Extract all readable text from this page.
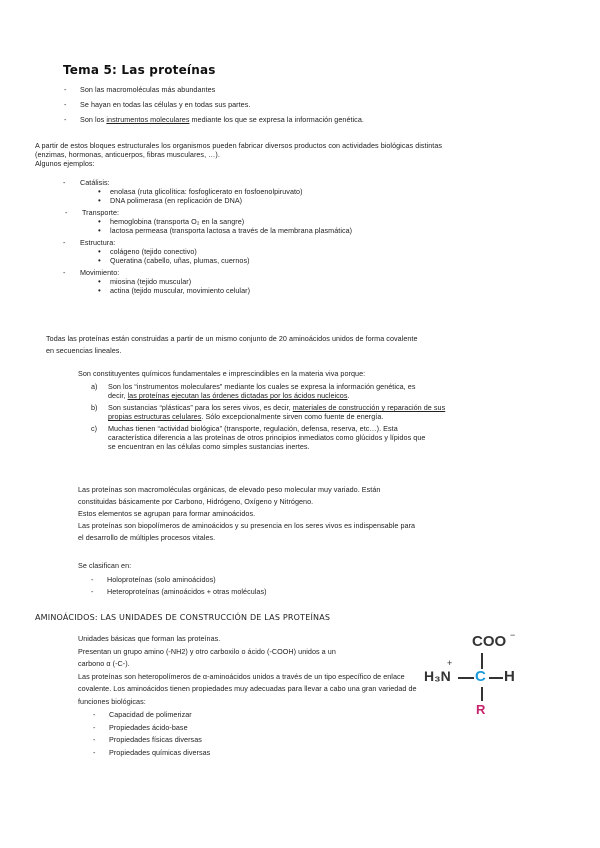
Tema 5: Las proteínas
- Son las macromoléculas más abundantes
- Se hayan en todas las células y en todas sus partes.
- Son los instrumentos moleculares mediante los que se expresa la información genética.
A partir de estos bloques estructurales los organismos pueden fabricar diversos productos con actividades biológicas distintas
(enzimas, hormonas, anticuerpos, fibras musculares, …).
Algunos ejemplos:
- Catálisis:
• enolasa (ruta glicolítica: fosfoglicerato en fosfoenolpiruvato)
• DNA polimerasa (en replicación de DNA)
- Transporte:
• hemoglobina (transporta O₂ en la sangre)
• lactosa permeasa (transporta lactosa a través de la membrana plasmática)
- Estructura:
• colágeno (tejido conectivo)
• Queratina (cabello, uñas, plumas, cuernos)
- Movimiento:
• miosina (tejido muscular)
• actina (tejido muscular, movimiento celular)
Todas las proteínas están construidas a partir de un mismo conjunto de 20 aminoácidos unidos de forma covalente
en secuencias lineales.
Son constituyentes químicos fundamentales e imprescindibles en la materia viva porque:
a) Son los “instrumentos moleculares” mediante los cuales se expresa la información genética, es
decir, las proteínas ejecutan las órdenes dictadas por los ácidos nucleicos.
b) Son sustancias “plásticas” para los seres vivos, es decir, materiales de construcción y reparación de sus
propias estructuras celulares. Sólo excepcionalmente sirven como fuente de energía.
c) Muchas tienen “actividad biológica” (transporte, regulación, defensa, reserva, etc…). Esta
característica diferencia a las proteínas de otros principios inmediatos como glúcidos y lípidos que
se encuentran en las células como simples sustancias inertes.
Las proteínas son macromoléculas orgánicas, de elevado peso molecular muy variado. Están
constituidas básicamente por Carbono, Hidrógeno, Oxígeno y Nitrógeno.
Estos elementos se agrupan para formar aminoácidos.
Las proteínas son biopolímeros de aminoácidos y su presencia en los seres vivos es indispensable para
el desarrollo de múltiples procesos vitales.
Se clasifican en:
- Holoproteínas (solo aminoácidos)
- Heteroproteínas (aminoácidos + otras moléculas)
AMINOÁCIDOS: LAS UNIDADES DE CONSTRUCCIÓN DE LAS PROTEÍNAS
Unidades básicas que forman las proteínas.
Presentan un grupo amino (-NH2) y otro carboxilo o ácido (-COOH) unidos a un
carbono α (-C-).
Las proteínas son heteropolímeros de α-aminoácidos unidos a través de un tipo específico de enlace
covalente. Los aminoácidos tienen propiedades muy adecuadas para llevar a cabo una gran variedad de
funciones biológicas:
- Capacidad de polimerizar
- Propiedades ácido-base
- Propiedades físicas diversas
- Propiedades químicas diversas
COO −
+
H₃N C H
R
